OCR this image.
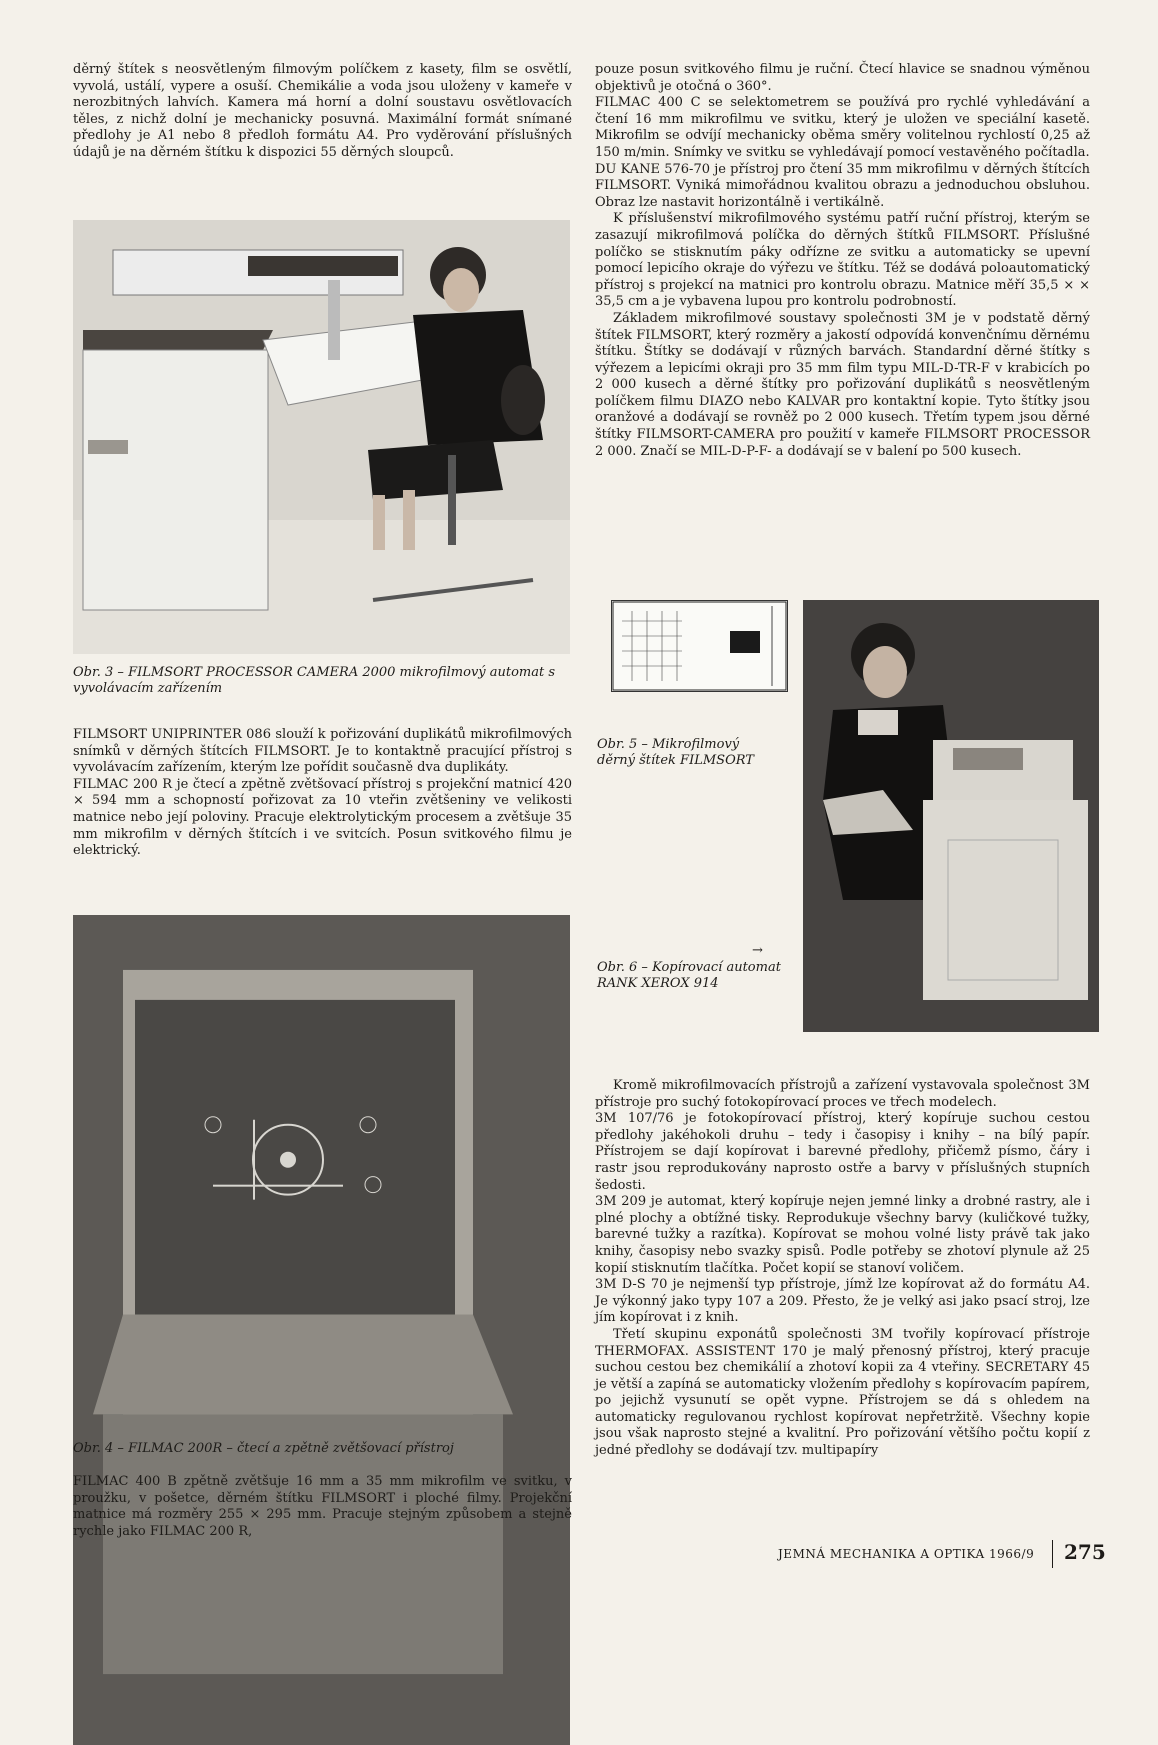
děrný štítek s neosvětleným filmovým políčkem z kasety, film se osvětlí, vyvolá, ustálí, vypere a osuší. Chemikálie a voda jsou uloženy v kameře v nerozbitných lahvích. Kamera má horní a dolní soustavu osvětlovacích těles, z nichž dolní je mechanicky posuvná. Maximální formát snímané předlohy je A1 nebo 8 předloh formátu A4. Pro vyděrování příslušných údajů je na děrném štítku k dispozici 55 děrných sloupců.

Obr. 3 – FILMSORT PROCESSOR CAMERA 2000 mikrofilmový automat s vyvolávacím zařízením

FILMSORT UNIPRINTER 086 slouží k pořizování duplikátů mikrofilmových snímků v děrných štítcích FILMSORT. Je to kontaktně pracující přístroj s vyvolávacím zařízením, kterým lze pořídit současně dva duplikáty.

FILMAC 200 R je čtecí a zpětně zvětšovací přístroj s projekční matnicí 420 × 594 mm a schopností pořizovat za 10 vteřin zvětšeniny ve velikosti matnice nebo její poloviny. Pracuje elektrolytickým procesem a zvětšuje 35 mm mikrofilm v děrných štítcích i ve svitcích. Posun svitkového filmu je elektrický.

Obr. 4 – FILMAC 200R – čtecí a zpětně zvětšovací přístroj

FILMAC 400 B zpětně zvětšuje 16 mm a 35 mm mikrofilm ve svitku, v proužku, v pošetce, děrném štítku FILMSORT i ploché filmy. Projekční matnice má rozměry 255 × 295 mm. Pracuje stejným způsobem a stejně rychle jako FILMAC 200 R,

pouze posun svitkového filmu je ruční. Čtecí hlavice se snadnou výměnou objektivů je otočná o 360°.

FILMAC 400 C se selektometrem se používá pro rychlé vyhledávání a čtení 16 mm mikrofilmu ve svitku, který je uložen ve speciální kasetě. Mikrofilm se odvíjí mechanicky oběma směry volitelnou rychlostí 0,25 až 150 m/min. Snímky ve svitku se vyhledávají pomocí vestavěného počítadla.

DU KANE 576-70 je přístroj pro čtení 35 mm mikrofilmu v děrných štítcích FILMSORT. Vyniká mimořádnou kvalitou obrazu a jednoduchou obsluhou. Obraz lze nastavit horizontálně i vertikálně.

K příslušenství mikrofilmového systému patří ruční přístroj, kterým se zasazují mikrofilmová políčka do děrných štítků FILMSORT. Příslušné políčko se stisknutím páky odřízne ze svitku a automaticky se upevní pomocí lepicího okraje do výřezu ve štítku. Též se dodává poloautomatický přístroj s projekcí na matnici pro kontrolu obrazu. Matnice měří 35,5 × × 35,5 cm a je vybavena lupou pro kontrolu podrobností.

Základem mikrofilmové soustavy společnosti 3M je v podstatě děrný štítek FILMSORT, který rozměry a jakostí odpovídá konvenčnímu děrnému štítku. Štítky se dodávají v různých barvách. Standardní děrné štítky s výřezem a lepicími okraji pro 35 mm film typu MIL-D-TR-F v krabicích po 2 000 kusech a děrné štítky pro pořizování duplikátů s neosvětleným políčkem filmu DIAZO nebo KALVAR pro kontaktní kopie. Tyto štítky jsou oranžové a dodávají se rovněž po 2 000 kusech. Třetím typem jsou děrné štítky FILMSORT-CAMERA pro použití v kameře FILMSORT PROCESSOR 2 000. Značí se MIL-D-P-F- a dodávají se v balení po 500 kusech.

Obr. 5 – Mikrofilmový děrný štítek FILMSORT

→
Obr. 6 – Kopírovací automat RANK XEROX 914

Kromě mikrofilmovacích přístrojů a zařízení vystavovala společnost 3M přístroje pro suchý fotokopírovací proces ve třech modelech.

3M 107/76 je fotokopírovací přístroj, který kopíruje suchou cestou předlohy jakéhokoli druhu – tedy i časopisy i knihy – na bílý papír. Přístrojem se dají kopírovat i barevné předlohy, přičemž písmo, čáry i rastr jsou reprodukovány naprosto ostře a barvy v příslušných stupních šedosti.

3M 209 je automat, který kopíruje nejen jemné linky a drobné rastry, ale i plné plochy a obtížné tisky. Reprodukuje všechny barvy (kuličkové tužky, barevné tužky a razítka). Kopírovat se mohou volné listy právě tak jako knihy, časopisy nebo svazky spisů. Podle potřeby se zhotoví plynule až 25 kopií stisknutím tlačítka. Počet kopií se stanoví voličem.

3M D-S 70 je nejmenší typ přístroje, jímž lze kopírovat až do formátu A4. Je výkonný jako typy 107 a 209. Přesto, že je velký asi jako psací stroj, lze jím kopírovat i z knih.

Třetí skupinu exponátů společnosti 3M tvořily kopírovací přístroje THERMOFAX. ASSISTENT 170 je malý přenosný přístroj, který pracuje suchou cestou bez chemikálií a zhotoví kopii za 4 vteřiny. SECRETARY 45 je větší a zapíná se automaticky vložením předlohy s kopírovacím papírem, po jejichž vysunutí se opět vypne. Přístrojem se dá s ohledem na automaticky regulovanou rychlost kopírovat nepřetržitě. Všechny kopie jsou však naprosto stejné a kvalitní. Pro pořizování většího počtu kopií z jedné předlohy se dodávají tzv. multipapíry

JEMNÁ MECHANIKA A OPTIKA 1966/9 275
